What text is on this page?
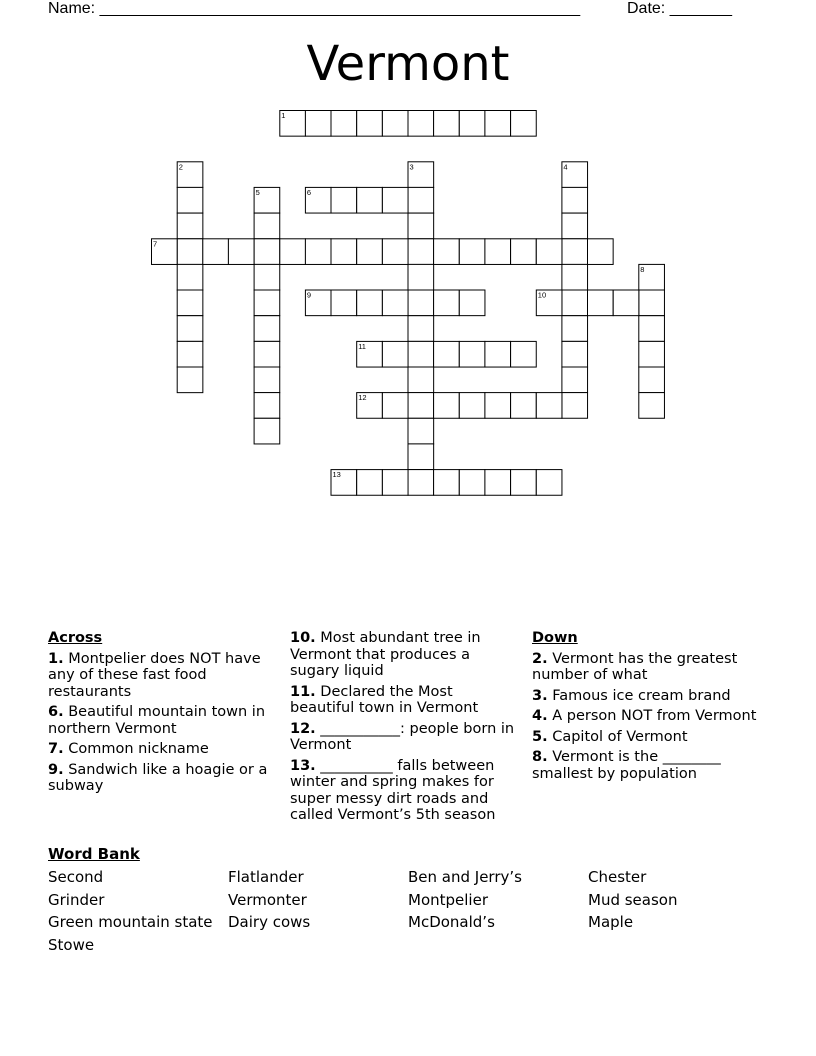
Name: ______________________________________________________	Date: _______
Vermont
1
2	3	4
5	6
7
8
9	10
11
12
13
Across
1. Montpelier does NOT have any of these fast food restaurants
6. Beautiful mountain town in northern Vermont
7. Common nickname
9. Sandwich like a hoagie or a subway
10. Most abundant tree in Vermont that produces a sugary liquid
11. Declared the Most beautiful town in Vermont
12. ___________: people born in Vermont
13. __________ falls between winter and spring makes for super messy dirt roads and called Vermont’s 5th season
Down
2. Vermont has the greatest number of what
3. Famous ice cream brand
4. A person NOT from Vermont
5. Capitol of Vermont
8. Vermont is the ________ smallest by population
Word Bank
Second	Flatlander	Ben and Jerry’s	Chester
Grinder	Vermonter	Montpelier	Mud season
Green mountain state	Dairy cows	McDonald’s	Maple
Stowe
